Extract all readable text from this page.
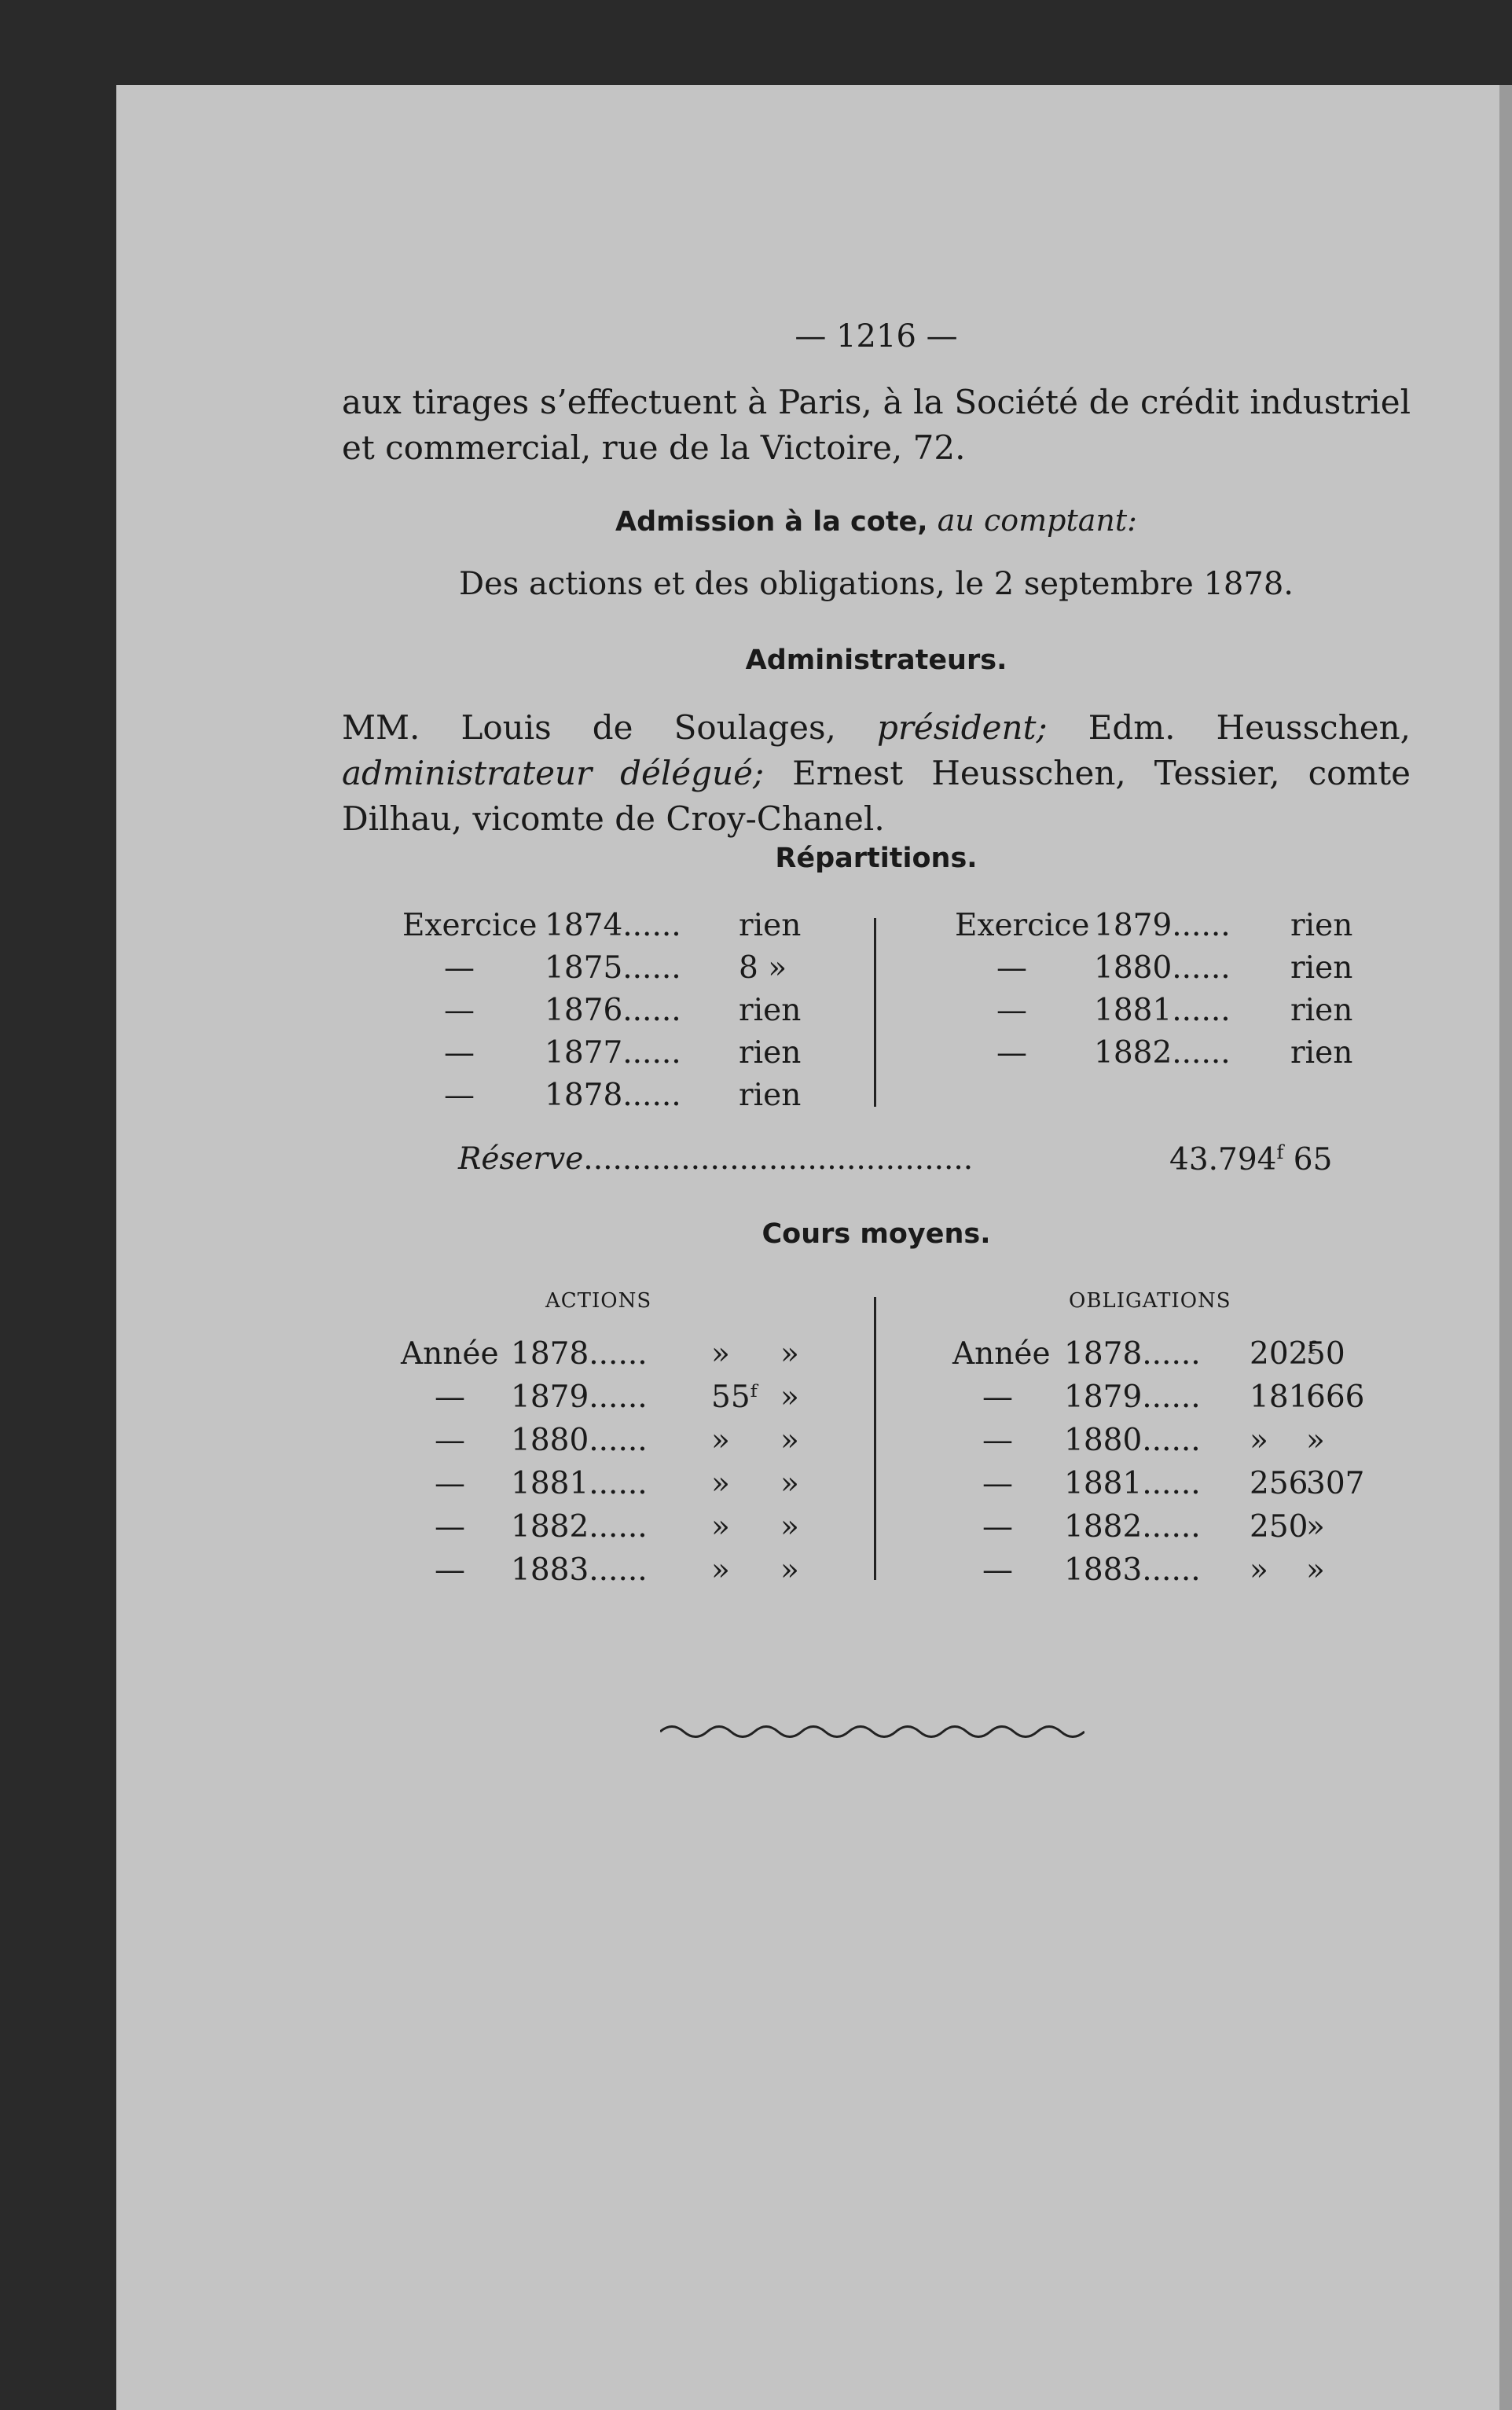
— 1216 —

aux tirages s’effectuent à Paris, à la Société de crédit industriel et commercial, rue de la Victoire, 72.

Admission à la cote, au comptant:
Des actions et des obligations, le 2 septembre 1878.
Administrateurs.

MM. Louis de Soulages, président; Edm. Heusschen, administrateur délégué; Ernest Heusschen, Tessier, comte Dilhau, vicomte de Croy-Chanel.

Répartitions.
Exercice 1874...... rien
— 1875...... 8 »
— 1876...... rien
— 1877...... rien
— 1878...... rien
Exercice 1879...... rien
— 1880...... rien
— 1881...... rien
— 1882...... rien
Réserve........................................	43.794$^f$ 65
Cours moyens.
ACTIONS	OBLIGATIONS
Année 1878...... » »
— 1879...... 55ᶠ »
— 1880...... » »
— 1881...... » »
— 1882...... » »
— 1883...... » »
Année 1878...... 202ᶠ
50
— 1879...... 181
666
— 1880...... » »
— 1881...... 256
307
— 1882...... 250
»
— 1883...... » »
